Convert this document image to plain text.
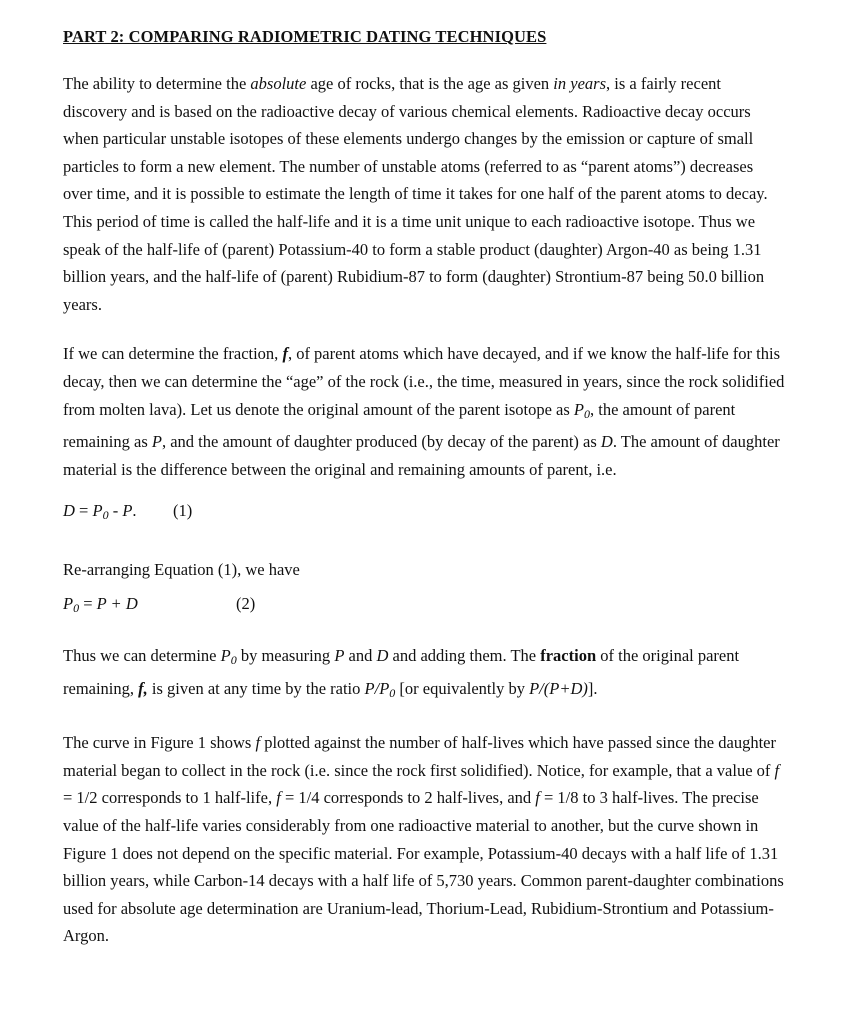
PART 2: COMPARING RADIOMETRIC DATING TECHNIQUES

The ability to determine the absolute age of rocks, that is the age as given in years, is a fairly recent discovery and is based on the radioactive decay of various chemical elements. Radioactive decay occurs when particular unstable isotopes of these elements undergo changes by the emission or capture of small particles to form a new element. The number of unstable atoms (referred to as “parent atoms”) decreases over time, and it is possible to estimate the length of time it takes for one half of the parent atoms to decay. This period of time is called the half-life and it is a time unit unique to each radioactive isotope. Thus we speak of the half-life of (parent) Potassium-40 to form a stable product (daughter) Argon-40 as being 1.31 billion years, and the half-life of (parent) Rubidium-87 to form (daughter) Strontium-87 being 50.0 billion years.

If we can determine the fraction, f, of parent atoms which have decayed, and if we know the half-life for this decay, then we can determine the “age” of the rock (i.e., the time, measured in years, since the rock solidified from molten lava). Let us denote the original amount of the parent isotope as $P_0$, the amount of parent remaining as P, and the amount of daughter produced (by decay of the parent) as D. The amount of daughter material is the difference between the original and remaining amounts of parent, i.e.

$D = P_0 - P$. (1)

Re-arranging Equation (1), we have

$P_0 = P + D$	(2)

Thus we can determine $P_0$ by measuring P and D and adding them. The fraction of the original parent remaining, f, is given at any time by the ratio $P/P_0$ [or equivalently by P/(P+D)].

The curve in Figure 1 shows f plotted against the number of half-lives which have passed since the daughter material began to collect in the rock (i.e. since the rock first solidified). Notice, for example, that a value of f = 1/2 corresponds to 1 half-life, f = 1/4 corresponds to 2 half-lives, and f = 1/8 to 3 half-lives. The precise value of the half-life varies considerably from one radioactive material to another, but the curve shown in Figure 1 does not depend on the specific material. For example, Potassium-40 decays with a half life of 1.31 billion years, while Carbon-14 decays with a half life of 5,730 years. Common parent-daughter combinations used for absolute age determination are Uranium-lead, Thorium-Lead, Rubidium-Strontium and Potassium-Argon.
